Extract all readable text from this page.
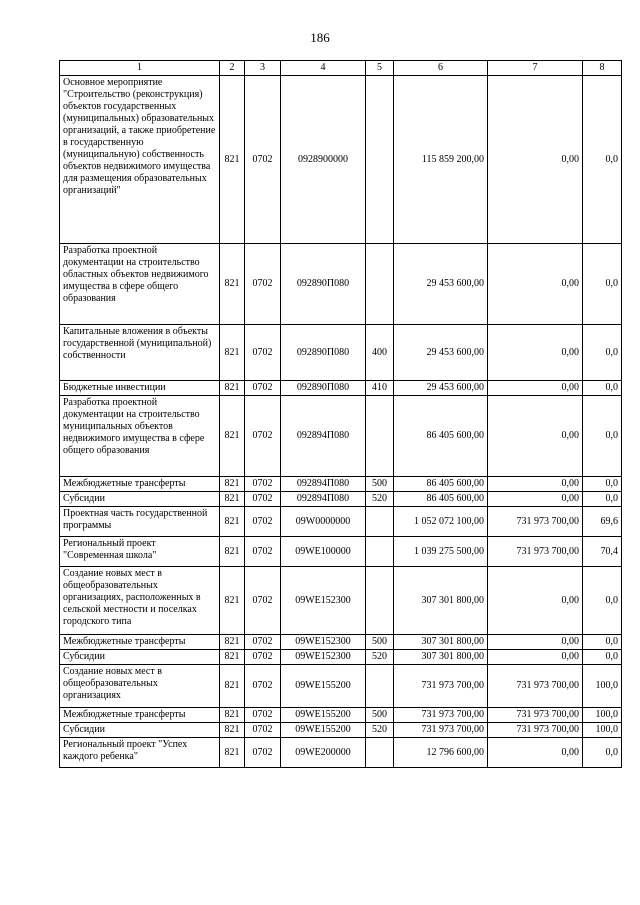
186
1	2	3	4	5	6	7	8
Основное мероприятие "Строительство (реконструкция) объектов государственных (муниципальных) образовательных организаций, а также приобретение в государственную (муниципальную) собственность объектов недвижимого имущества для размещения образовательных организаций"	821	0702	0928900000		115 859 200,00	0,00	0,0
Разработка проектной документации на строительство областных объектов недвижимого имущества в сфере общего образования	821	0702	092890П080		29 453 600,00	0,00	0,0
Капитальные вложения в объекты государственной (муниципальной) собственности	821	0702	092890П080	400	29 453 600,00	0,00	0,0
Бюджетные инвестиции	821	0702	092890П080	410	29 453 600,00	0,00	0,0
Разработка проектной документации на строительство муниципальных объектов недвижимого имущества в сфере общего образования	821	0702	092894П080		86 405 600,00	0,00	0,0
Межбюджетные трансферты	821	0702	092894П080	500	86 405 600,00	0,00	0,0
Субсидии	821	0702	092894П080	520	86 405 600,00	0,00	0,0
Проектная часть государственной программы	821	0702	09W0000000		1 052 072 100,00	731 973 700,00	69,6
Региональный проект "Современная школа"	821	0702	09WE100000		1 039 275 500,00	731 973 700,00	70,4
Создание новых мест в общеобразовательных организациях, расположенных в сельской местности и поселках городского типа	821	0702	09WE152300		307 301 800,00	0,00	0,0
Межбюджетные трансферты	821	0702	09WE152300	500	307 301 800,00	0,00	0,0
Субсидии	821	0702	09WE152300	520	307 301 800,00	0,00	0,0
Создание новых мест в общеобразовательных организациях	821	0702	09WE155200		731 973 700,00	731 973 700,00	100,0
Межбюджетные трансферты	821	0702	09WE155200	500	731 973 700,00	731 973 700,00	100,0
Субсидии	821	0702	09WE155200	520	731 973 700,00	731 973 700,00	100,0
Региональный проект "Успех каждого ребенка"	821	0702	09WE200000		12 796 600,00	0,00	0,0
